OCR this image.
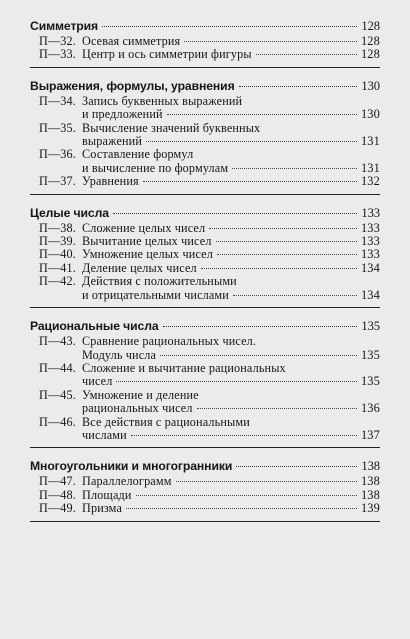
Симметрия	128
П—32. Осевая симметрия	128
П—33. Центр и ось симметрии фигуры	128
Выражения, формулы, уравнения	130
П—34. Запись буквенных выражений
и предложений	130
П—35. Вычисление значений буквенных
выражений	131
П—36. Составление формул
и вычисление по формулам	131
П—37. Уравнения	132
Целые числа	133
П—38. Сложение целых чисел	133
П—39. Вычитание целых чисел	133
П—40. Умножение целых чисел	133
П—41. Деление целых чисел	134
П—42. Действия с положительными
и отрицательными числами	134
Рациональные числа	135
П—43. Сравнение рациональных чисел.
Модуль числа	135
П—44. Сложение и вычитание рациональных
чисел	135
П—45. Умножение и деление
рациональных чисел	136
П—46. Все действия с рациональными
числами	137
Многоугольники и многогранники	138
П—47. Параллелограмм	138
П—48. Площади	138
П—49. Призма	139
